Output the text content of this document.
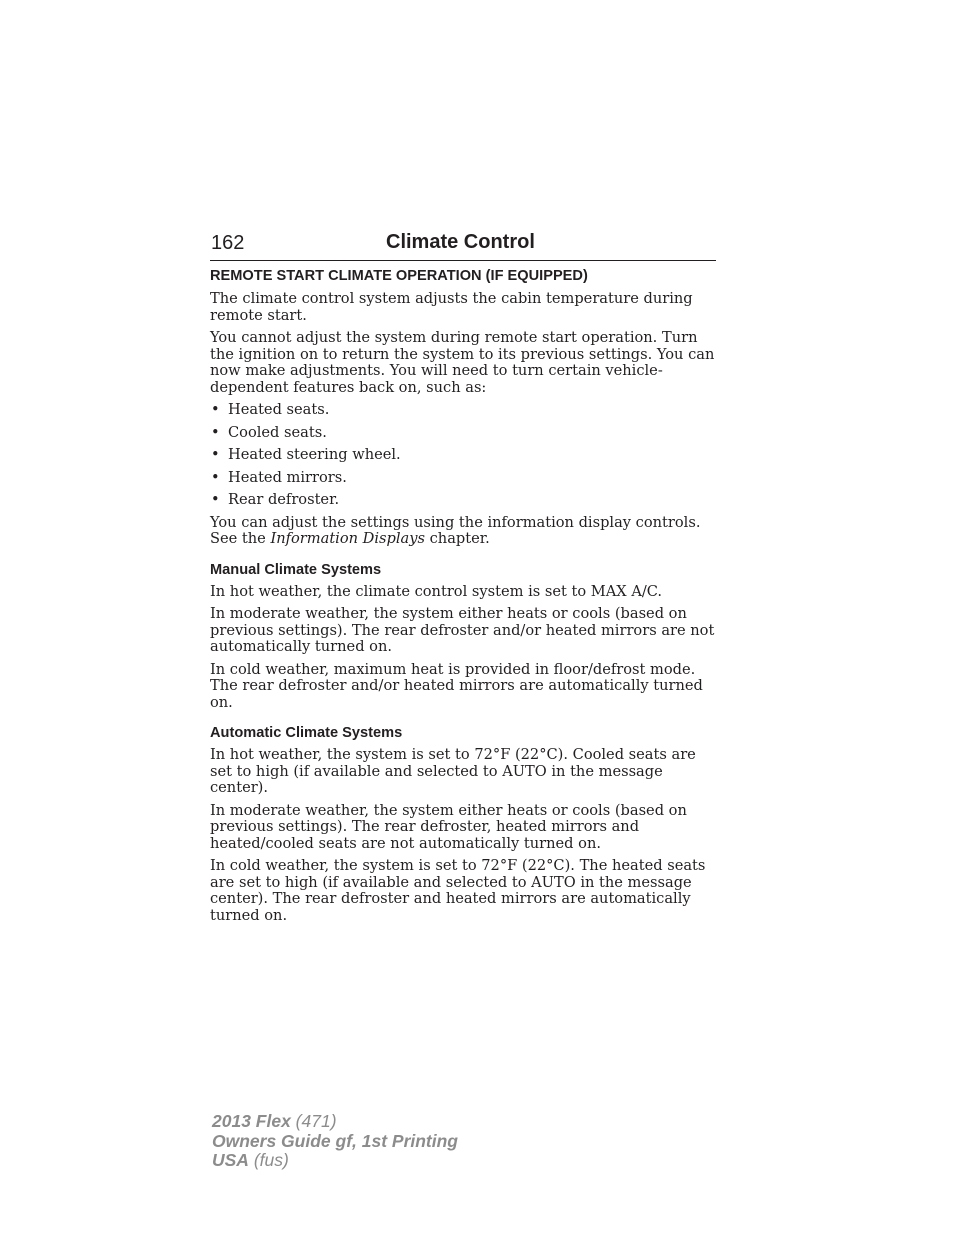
162	Climate Control
REMOTE START CLIMATE OPERATION (IF EQUIPPED)

The climate control system adjusts the cabin temperature during remote start.

You cannot adjust the system during remote start operation. Turn the ignition on to return the system to its previous settings. You can now make adjustments. You will need to turn certain vehicle-dependent features back on, such as:

• Heated seats.
• Cooled seats.
• Heated steering wheel.
• Heated mirrors.
• Rear defroster.

You can adjust the settings using the information display controls. See the Information Displays chapter.

Manual Climate Systems

In hot weather, the climate control system is set to MAX A/C.

In moderate weather, the system either heats or cools (based on previous settings). The rear defroster and/or heated mirrors are not automatically turned on.

In cold weather, maximum heat is provided in floor/defrost mode. The rear defroster and/or heated mirrors are automatically turned on.

Automatic Climate Systems

In hot weather, the system is set to 72°F (22°C). Cooled seats are set to high (if available and selected to AUTO in the message center).

In moderate weather, the system either heats or cools (based on previous settings). The rear defroster, heated mirrors and heated/cooled seats are not automatically turned on.

In cold weather, the system is set to 72°F (22°C). The heated seats are set to high (if available and selected to AUTO in the message center). The rear defroster and heated mirrors are automatically turned on.

2013 Flex (471)
Owners Guide gf, 1st Printing
USA (fus)
